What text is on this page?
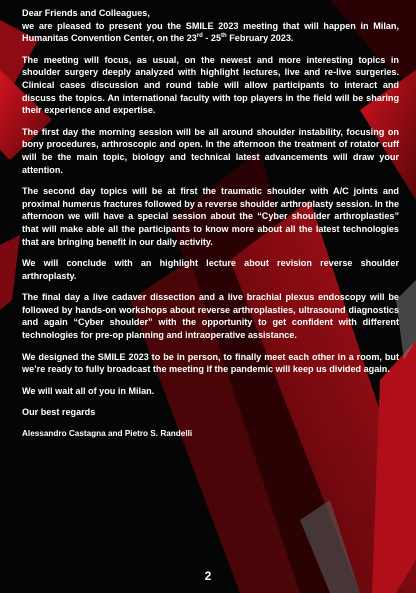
Dear Friends and Colleagues,

we are pleased to present you the SMILE 2023 meeting that will happen in Milan, Humanitas Convention Center, on the 23rd - 25th February 2023.

The meeting will focus, as usual, on the newest and more interesting topics in shoulder surgery deeply analyzed with highlight lectures, live and re-live surgeries. Clinical cases discussion and round table will allow participants to interact and discuss the topics. An international faculty with top players in the field will be sharing their experience and expertise.

The first day the morning session will be all around shoulder instability, focusing on bony procedures, arthroscopic and open. In the afternoon the treatment of rotator cuff will be the main topic, biology and technical latest advancements will draw your attention.

The second day topics will be at first the traumatic shoulder with A/C joints and proximal humerus fractures followed by a reverse shoulder arthroplasty session. In the afternoon we will have a special session about the “Cyber shoulder arthroplasties” that will make able all the participants to know more about all the latest technologies that are bringing benefit in our daily activity.

We will conclude with an highlight lecture about revision reverse shoulder arthroplasty.

The final day a live cadaver dissection and a live brachial plexus endoscopy will be followed by hands-on workshops about reverse arthroplasties, ultrasound diagnostics and again “Cyber shoulder” with the opportunity to get confident with different technologies for pre-op planning and intraoperative assistance.

We designed the SMILE 2023 to be in person, to finally meet each other in a room, but we’re ready to fully broadcast the meeting if the pandemic will keep us divided again.

We will wait all of you in Milan.

Our best regards

Alessandro Castagna and Pietro S. Randelli

2
